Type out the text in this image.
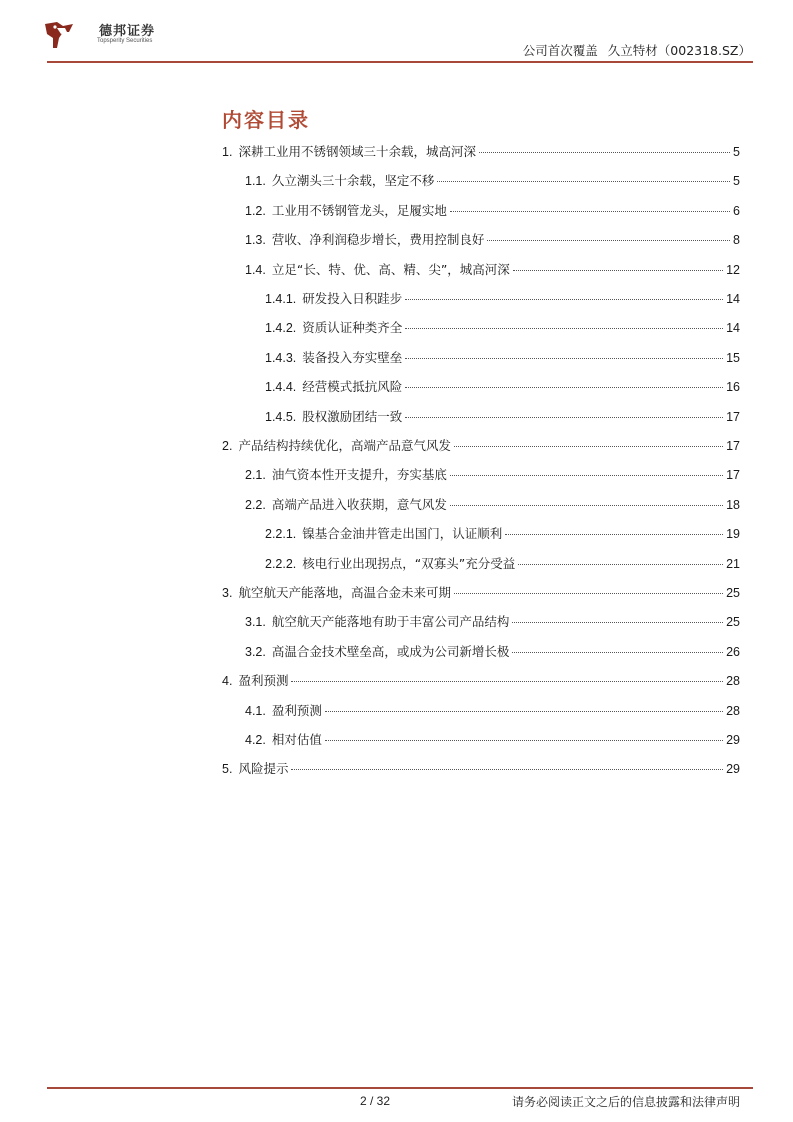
德邦证券
Topsperity Securities
公司首次覆盖 久立特材（002318.SZ）
内容目录
1. 深耕工业用不锈钢领域三十余载，城高河深	5
1.1. 久立潮头三十余载，坚定不移	5
1.2. 工业用不锈钢管龙头，足履实地	6
1.3. 营收、净利润稳步增长，费用控制良好	8
1.4. 立足“长、特、优、高、精、尖”，城高河深	12
1.4.1. 研发投入日积跬步	14
1.4.2. 资质认证种类齐全	14
1.4.3. 装备投入夯实壁垒	15
1.4.4. 经营模式抵抗风险	16
1.4.5. 股权激励团结一致	17
2. 产品结构持续优化，高端产品意气风发	17
2.1. 油气资本性开支提升，夯实基底	17
2.2. 高端产品进入收获期，意气风发	18
2.2.1. 镍基合金油井管走出国门，认证顺利	19
2.2.2. 核电行业出现拐点，“双寡头”充分受益	21
3. 航空航天产能落地，高温合金未来可期	25
3.1. 航空航天产能落地有助于丰富公司产品结构	25
3.2. 高温合金技术壁垒高，或成为公司新增长极	26
4. 盈利预测	28
4.1. 盈利预测	28
4.2. 相对估值	29
5. 风险提示	29
2 / 32	请务必阅读正文之后的信息披露和法律声明
